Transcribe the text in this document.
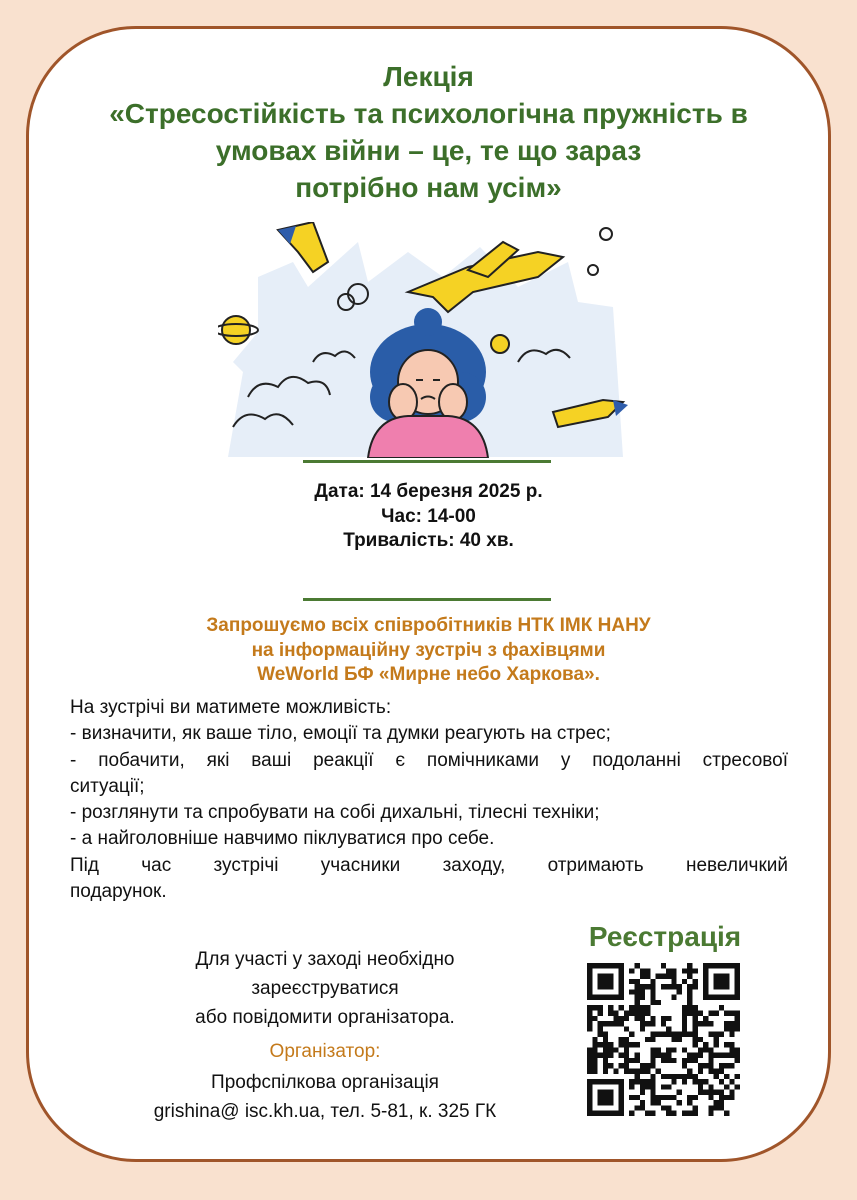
Лекція
«Стресостійкість та психологічна пружність в
умовах війни – це, те що зараз
потрібно нам усім»
Дата: 14 березня 2025 р.
Час: 14-00
Тривалість: 40 хв.
Запрошуємо всіх співробітників НТК ІМК НАНУ
на інформаційну зустріч з фахівцями
WeWorld БФ «Мирне небо Харкова».
На зустрічі ви матимете можливість:
- визначити, як ваше тіло, емоції та думки реагують на стрес;
- побачити, які ваші реакції є помічниками у подоланні стресової
ситуації;
- розглянути та спробувати на собі дихальні, тілесні техніки;
- а найголовніше навчимо піклуватися про себе.
Під час зустрічі учасники заходу, отримають невеличкий
подарунок.
Для участі у заході необхідно
зареєструватися
або повідомити організатора.
Організатор:
Профспілкова організація
grishina@ isc.kh.ua, тел. 5-81, к. 325 ГК
Реєстрація
